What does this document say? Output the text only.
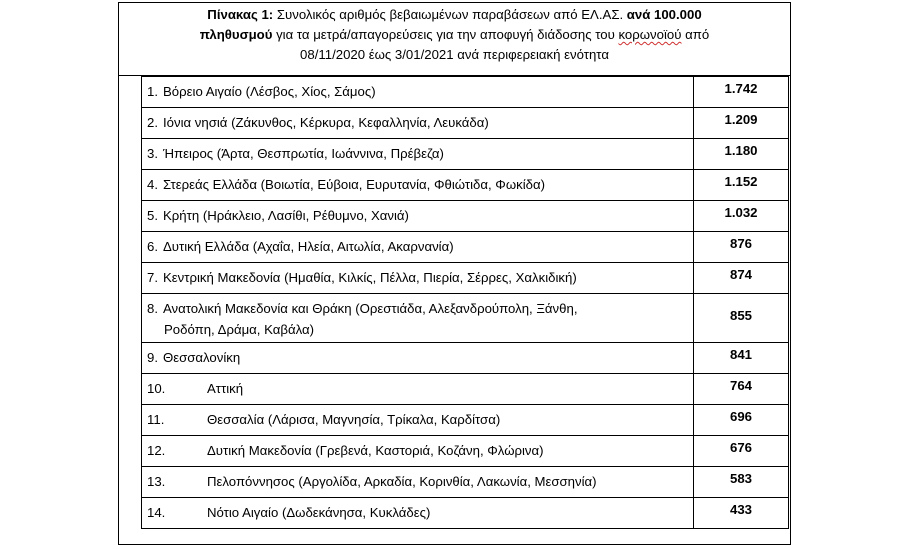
Πίνακας 1: Συνολικός αριθμός βεβαιωμένων παραβάσεων από ΕΛ.ΑΣ. ανά 100.000
πληθυσμού για τα μετρά/απαγορεύσεις για την αποφυγή διάδοσης του κορωνοϊού από
08/11/2020 έως 3/01/2021 ανά περιφερειακή ενότητα
1. Βόρειο Αιγαίο (Λέσβος, Χίος, Σάμος)	1.742

2. Ιόνια νησιά (Ζάκυνθος, Κέρκυρα, Κεφαλληνία, Λευκάδα)	1.209

3. Ήπειρος (Άρτα, Θεσπρωτία, Ιωάννινα, Πρέβεζα)	1.180

4. Στερεάς Ελλάδα (Βοιωτία, Εύβοια, Ευρυτανία, Φθιώτιδα, Φωκίδα)	1.152

5. Κρήτη (Ηράκλειο, Λασίθι, Ρέθυμνο, Χανιά)	1.032

6. Δυτική Ελλάδα (Αχαΐα, Ηλεία, Αιτωλία, Ακαρνανία)	876

7. Κεντρική Μακεδονία (Ημαθία, Κιλκίς, Πέλλα, Πιερία, Σέρρες, Χαλκιδική)	874

8. Ανατολική Μακεδονία και Θράκη (Ορεστιάδα, Αλεξανδρούπολη, Ξάνθη,
Ροδόπη, Δράμα, Καβάλα)	855

9. Θεσσαλονίκη	841

10. Αττική	764

11. Θεσσαλία (Λάρισα, Μαγνησία, Τρίκαλα, Καρδίτσα)	696

12. Δυτική Μακεδονία (Γρεβενά, Καστοριά, Κοζάνη, Φλώρινα)	676

13. Πελοπόννησος (Αργολίδα, Αρκαδία, Κορινθία, Λακωνία, Μεσσηνία)	583

14. Νότιο Αιγαίο (Δωδεκάνησα, Κυκλάδες)	433
